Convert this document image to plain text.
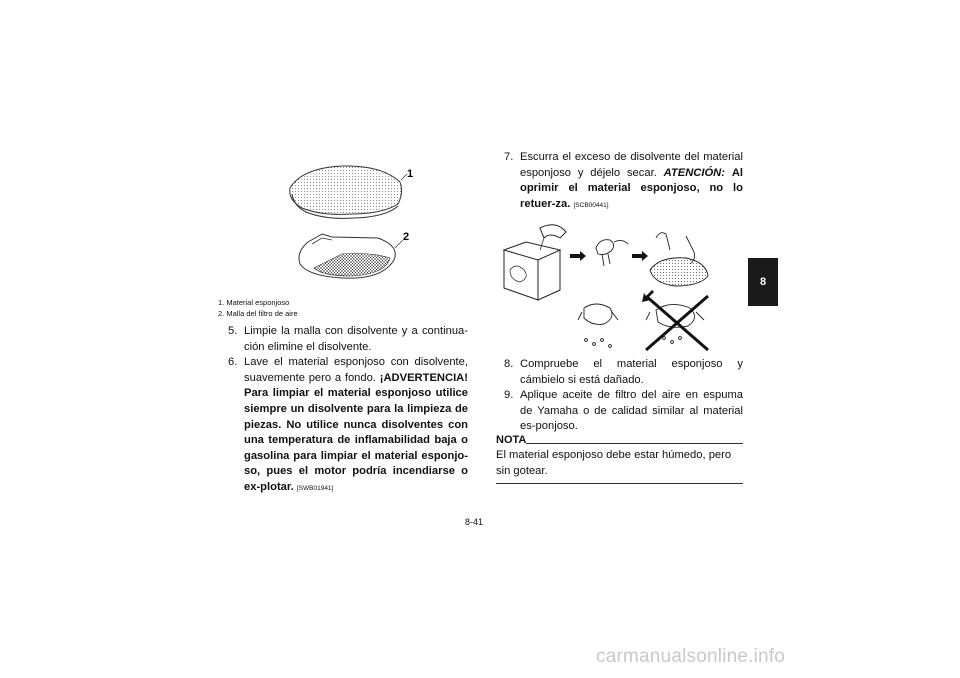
1
2
1. Material esponjoso
2. Malla del filtro de aire
5. Limpie la malla con disolvente y a continua-ción elimine el disolvente.
6. Lave el material esponjoso con disolvente, suavemente pero a fondo. ¡ADVERTENCIA! Para limpiar el material esponjoso utilice siempre un disolvente para la limpieza de piezas. No utilice nunca disolventes con una temperatura de inflamabilidad baja o gasolina para limpiar el material esponjo-so, pues el motor podría incendiarse o ex-plotar. [SWB01941]
7. Escurra el exceso de disolvente del material esponjoso y déjelo secar. ATENCIÓN: Al oprimir el material esponjoso, no lo retuer-za. [SCB00441]
8. Compruebe el material esponjoso y cámbielo si está dañado.
9. Aplique aceite de filtro del aire en espuma de Yamaha o de calidad similar al material es-ponjoso.
NOTA
El material esponjoso debe estar húmedo, pero sin gotear.
8-41
8
carmanualsonline.info
